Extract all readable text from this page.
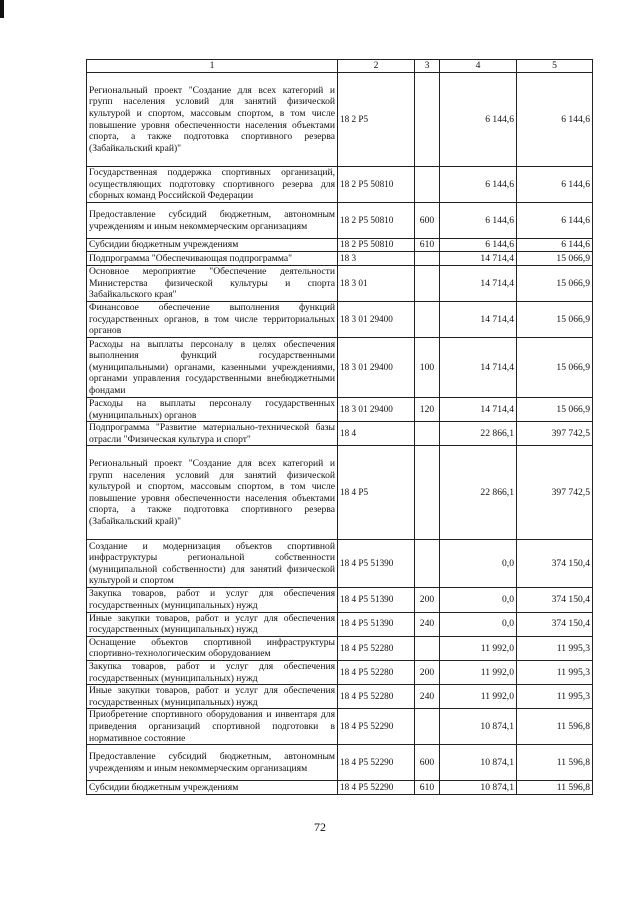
1	2	3	4	5
Региональный проект "Создание для всех категорий и групп населения условий для занятий физической культурой и спортом, массовым спортом, в том числе повышение уровня обеспеченности населения объектами спорта, а также подготовка спортивного резерва (Забайкальский край)"	18 2 P5		6 144,6	6 144,6
Государственная поддержка спортивных организаций, осуществляющих подготовку спортивного резерва для сборных команд Российской Федерации	18 2 P5 50810		6 144,6	6 144,6
Предоставление субсидий бюджетным, автономным учреждениям и иным некоммерческим организациям	18 2 P5 50810	600	6 144,6	6 144,6
Субсидии бюджетным учреждениям	18 2 P5 50810	610	6 144,6	6 144,6
Подпрограмма "Обеспечивающая подпрограмма"	18 3		14 714,4	15 066,9
Основное мероприятие "Обеспечение деятельности Министерства физической культуры и спорта Забайкальского края"	18 3 01		14 714,4	15 066,9
Финансовое обеспечение выполнения функций государственных органов, в том числе территориальных органов	18 3 01 29400		14 714,4	15 066,9
Расходы на выплаты персоналу в целях обеспечения выполнения функций государственными (муниципальными) органами, казенными учреждениями, органами управления государственными внебюджетными фондами	18 3 01 29400	100	14 714,4	15 066,9
Расходы на выплаты персоналу государственных (муниципальных) органов	18 3 01 29400	120	14 714,4	15 066,9
Подпрограмма "Развитие материально-технической базы отрасли "Физическая культура и спорт"	18 4		22 866,1	397 742,5
Региональный проект "Создание для всех категорий и групп населения условий для занятий физической культурой и спортом, массовым спортом, в том числе повышение уровня обеспеченности населения объектами спорта, а также подготовка спортивного резерва (Забайкальский край)"	18 4 P5		22 866,1	397 742,5
Создание и модернизация объектов спортивной инфраструктуры региональной собственности (муниципальной собственности) для занятий физической культурой и спортом	18 4 P5 51390		0,0	374 150,4
Закупка товаров, работ и услуг для обеспечения государственных (муниципальных) нужд	18 4 P5 51390	200	0,0	374 150,4
Иные закупки товаров, работ и услуг для обеспечения государственных (муниципальных) нужд	18 4 P5 51390	240	0,0	374 150,4
Оснащение объектов спортивной инфраструктуры спортивно-технологическим оборудованием	18 4 P5 52280		11 992,0	11 995,3
Закупка товаров, работ и услуг для обеспечения государственных (муниципальных) нужд	18 4 P5 52280	200	11 992,0	11 995,3
Иные закупки товаров, работ и услуг для обеспечения государственных (муниципальных) нужд	18 4 P5 52280	240	11 992,0	11 995,3
Приобретение спортивного оборудования и инвентаря для приведения организаций спортивной подготовки в нормативное состояние	18 4 P5 52290		10 874,1	11 596,8
Предоставление субсидий бюджетным, автономным учреждениям и иным некоммерческим организациям	18 4 P5 52290	600	10 874,1	11 596,8
Субсидии бюджетным учреждениям	18 4 P5 52290	610	10 874,1	11 596,8
72
